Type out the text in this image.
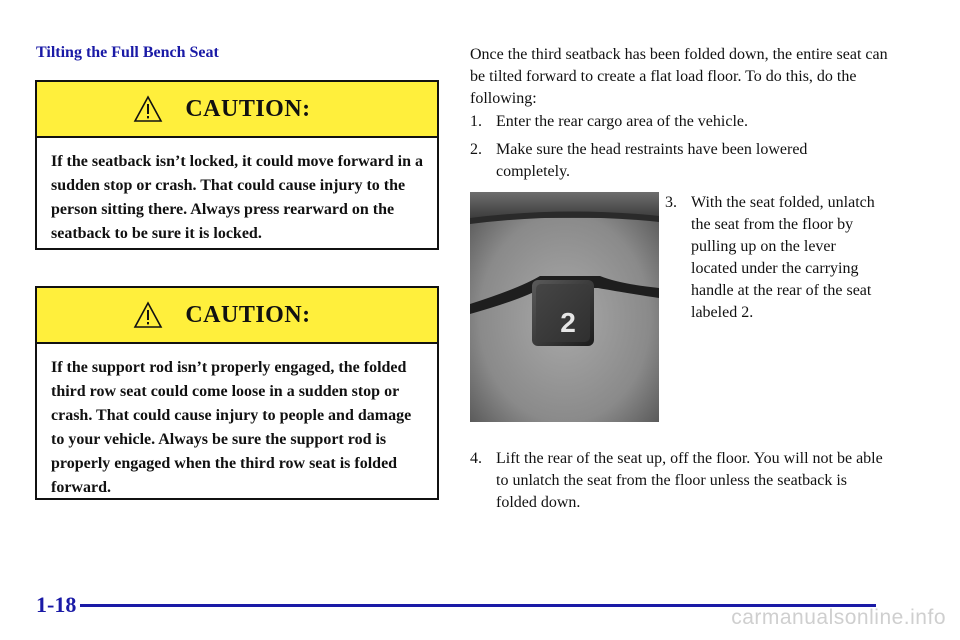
Tilting the Full Bench Seat
CAUTION:
If the seatback isn’t locked, it could move forward in a sudden stop or crash. That could cause injury to the person sitting there. Always press rearward on the seatback to be sure it is locked.
CAUTION:
If the support rod isn’t properly engaged, the folded third row seat could come loose in a sudden stop or crash. That could cause injury to people and damage to your vehicle. Always be sure the support rod is properly engaged when the third row seat is folded forward.
Once the third seatback has been folded down, the entire seat can be tilted forward to create a flat load floor. To do this, do the following:
1. Enter the rear cargo area of the vehicle.
2. Make sure the head restraints have been lowered completely.
2
3. With the seat folded, unlatch the seat from the floor by pulling up on the lever located under the carrying handle at the rear of the seat labeled 2.
4. Lift the rear of the seat up, off the floor. You will not be able to unlatch the seat from the floor unless the seatback is folded down.
1-18
carmanualsonline.info
